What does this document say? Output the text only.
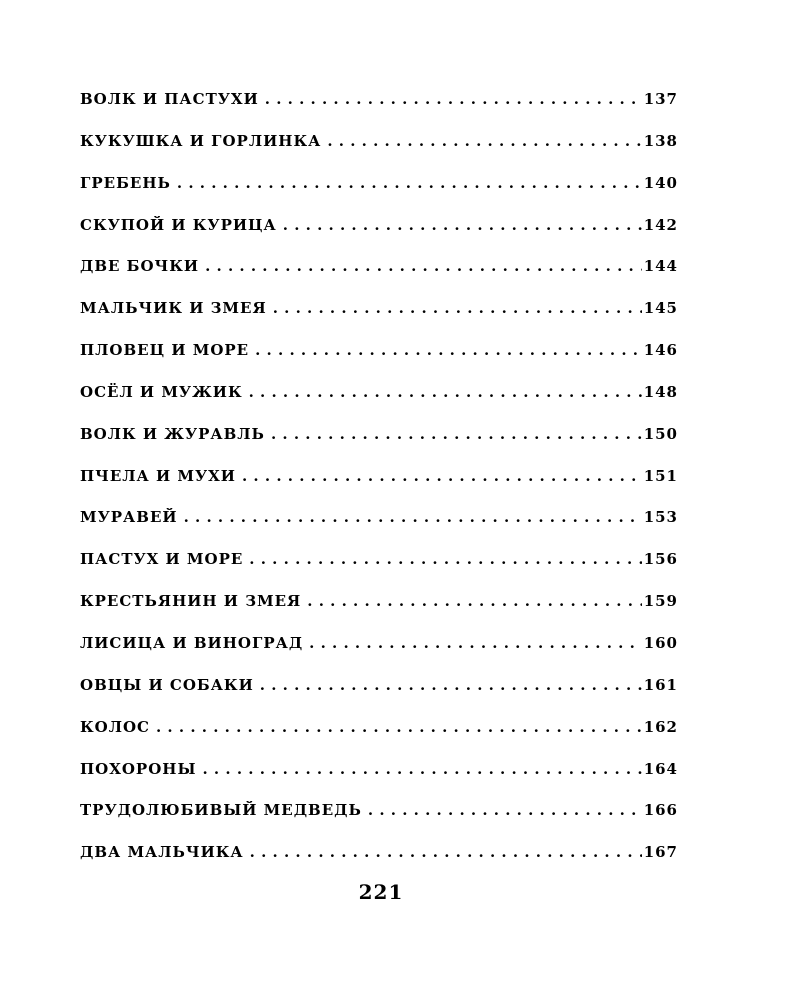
ВОЛК И ПАСТУХИ . . .	137
КУКУШКА И ГОРЛИНКА . . .	138
ГРЕБЕНЬ . . .	140
СКУПОЙ И КУРИЦА . . .	142
ДВЕ БОЧКИ . . .	144
МАЛЬЧИК И ЗМЕЯ . . .	145
ПЛОВЕЦ И МОРЕ . . .	146
ОСЁЛ И МУЖИК . . .	148
ВОЛК И ЖУРАВЛЬ . . .	150
ПЧЕЛА И МУХИ . . .	151
МУРАВЕЙ . . .	153
ПАСТУХ И МОРЕ . . .	156
КРЕСТЬЯНИН И ЗМЕЯ . . .	159
ЛИСИЦА И ВИНОГРАД . . .	160
ОВЦЫ И СОБАКИ . . .	161
КОЛОС . . .	162
ПОХОРОНЫ . . .	164
ТРУДОЛЮБИВЫЙ МЕДВЕДЬ . . .	166
ДВА МАЛЬЧИКА . . .	167
221
